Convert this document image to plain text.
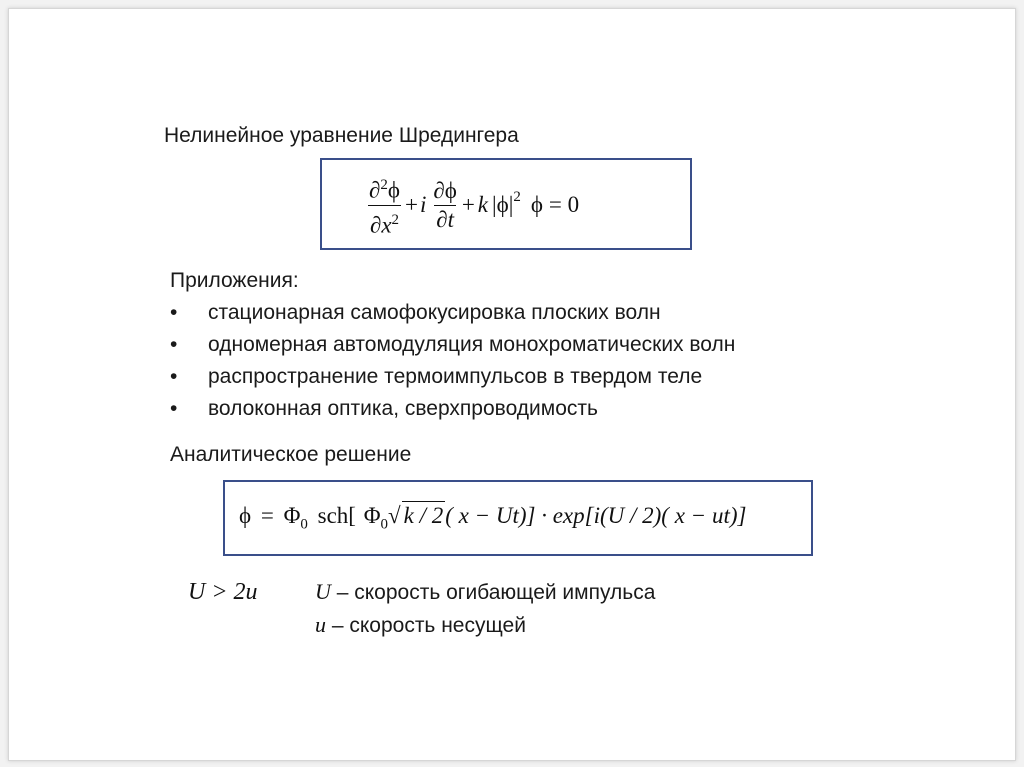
Нелинейное уравнение Шредингера
$\frac{\partial^2\phi}{\partial x^2} + i \frac{\partial\phi}{\partial t} + k$ | ϕ $|^2$ ϕ = 0
Приложения:
• стационарная самофокусировка плоских волн
• одномерная автомодуляция монохроматических волн
• распространение термоимпульсов в твердом теле
• волоконная оптика, сверхпроводимость
Аналитическое решение
$\phi = \Phi_0$ sch[ $\Phi_0√$ k / 2( x − Ut)] · exp[i(U / 2)( x − ut)]
U > 2u	U – скорость огибающей импульса
u – скорость несущей
